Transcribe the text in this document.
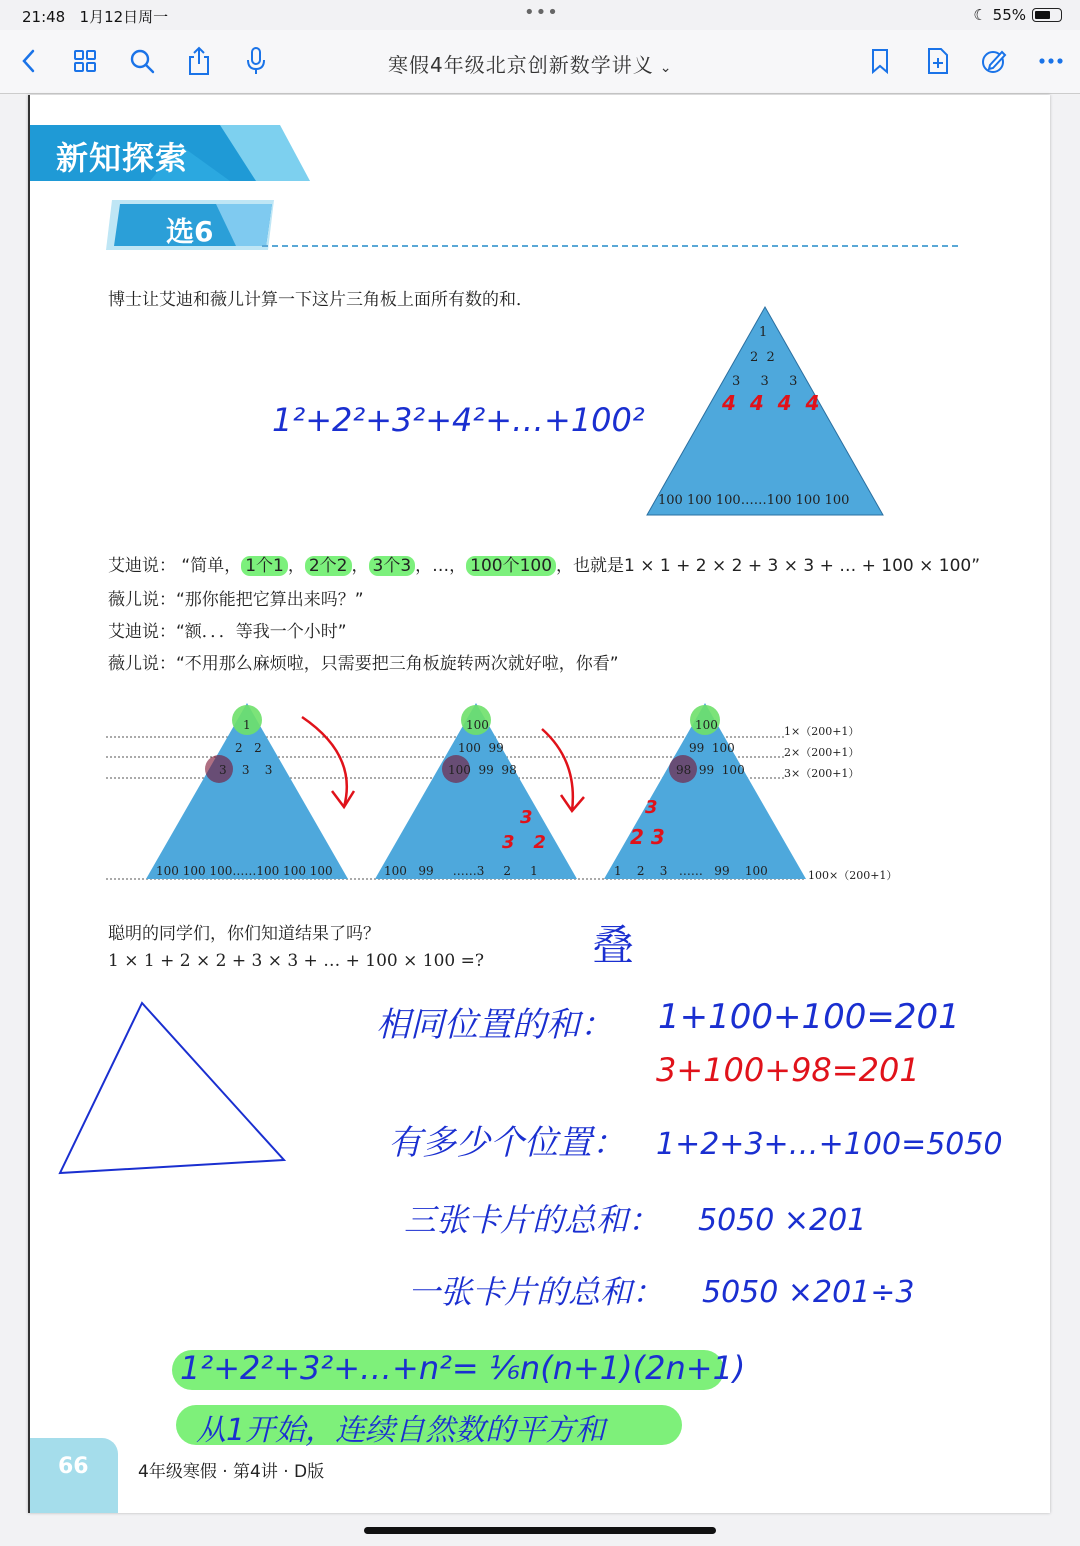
21:48 1月12日周一	•••	☾ 55%
寒假4年级北京创新数学讲义 ⌄
新知探索
选6
博士让艾迪和薇儿计算一下这片三角板上面所有数的和．
1
2  2
3  3  3
4  4  4  4
100 100 100……100 100 100
1²+2²+3²+4²+…+100²
艾迪说： “简单， 1个1 ， 2个2 ， 3个3 ，…， 100个100 ，也就是1 × 1 + 2 × 2 + 3 × 3 + … + 100 × 100”
薇儿说：“那你能把它算出来吗？”
艾迪说：“额．．．等我一个小时”
薇儿说：“不用那么麻烦啦，只需要把三角板旋转两次就好啦，你看”
1
2   2
3    3    3
100 100 100……100 100 100
100
100  99
100  99  98
100   99     ……3     2     1
3
3   2
100
99  100
98  99  100
1    2    3   ……   99    100
3
2 3
1×（200+1）
2×（200+1）
3×（200+1）
100×（200+1）
聪明的同学们，你们知道结果了吗？
1 × 1 + 2 × 2 + 3 × 3 + … + 100 × 100 =?	叠
相同位置的和： 1+100+100=201
3+100+98=201
有多少个位置： 1+2+3+…+100=5050
三张卡片的总和： 5050 ×201
一张卡片的总和： 5050 ×201÷3
1²+2²+3²+…+n²= ⅙n(n+1)(2n+1)
从1开始，连续自然数的平方和
66	4年级寒假 · 第4讲 · D版
